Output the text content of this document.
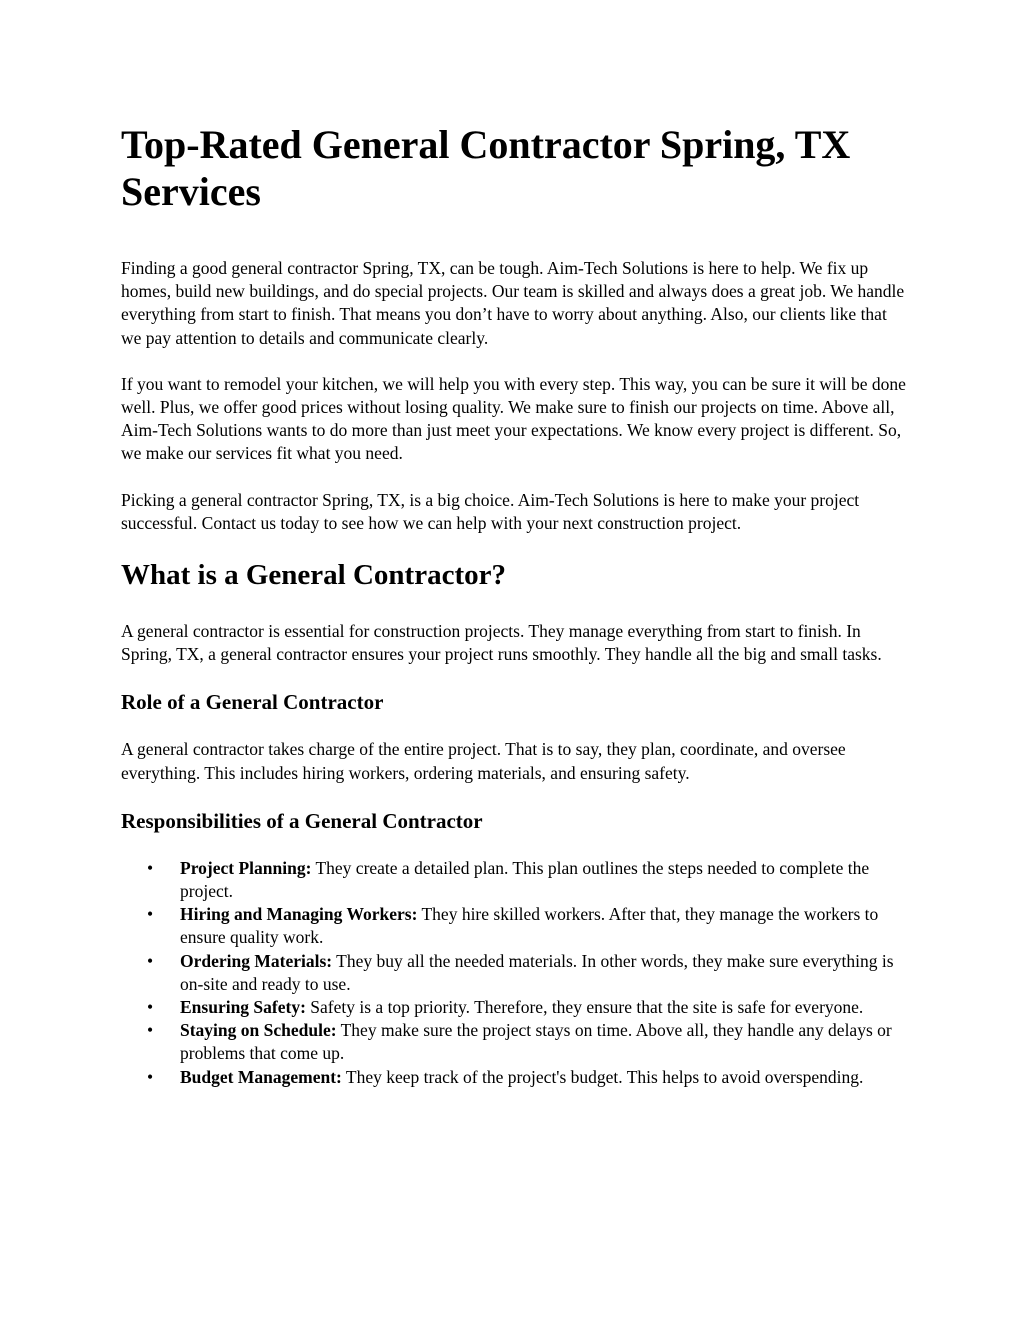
Top-Rated General Contractor Spring, TX Services

Finding a good general contractor Spring, TX, can be tough. Aim-Tech Solutions is here to help. We fix up homes, build new buildings, and do special projects. Our team is skilled and always does a great job. We handle everything from start to finish. That means you don’t have to worry about anything. Also, our clients like that we pay attention to details and communicate clearly.

If you want to remodel your kitchen, we will help you with every step. This way, you can be sure it will be done well. Plus, we offer good prices without losing quality. We make sure to finish our projects on time. Above all, Aim-Tech Solutions wants to do more than just meet your expectations. We know every project is different. So, we make our services fit what you need.

Picking a general contractor Spring, TX, is a big choice. Aim-Tech Solutions is here to make your project successful. Contact us today to see how we can help with your next construction project.

What is a General Contractor?

A general contractor is essential for construction projects. They manage everything from start to finish. In Spring, TX, a general contractor ensures your project runs smoothly. They handle all the big and small tasks.

Role of a General Contractor

A general contractor takes charge of the entire project. That is to say, they plan, coordinate, and oversee everything. This includes hiring workers, ordering materials, and ensuring safety.

Responsibilities of a General Contractor
• Project Planning: They create a detailed plan. This plan outlines the steps needed to complete the project.
• Hiring and Managing Workers: They hire skilled workers. After that, they manage the workers to ensure quality work.
• Ordering Materials: They buy all the needed materials. In other words, they make sure everything is on-site and ready to use.
• Ensuring Safety: Safety is a top priority. Therefore, they ensure that the site is safe for everyone.
• Staying on Schedule: They make sure the project stays on time. Above all, they handle any delays or problems that come up.
• Budget Management: They keep track of the project's budget. This helps to avoid overspending.
